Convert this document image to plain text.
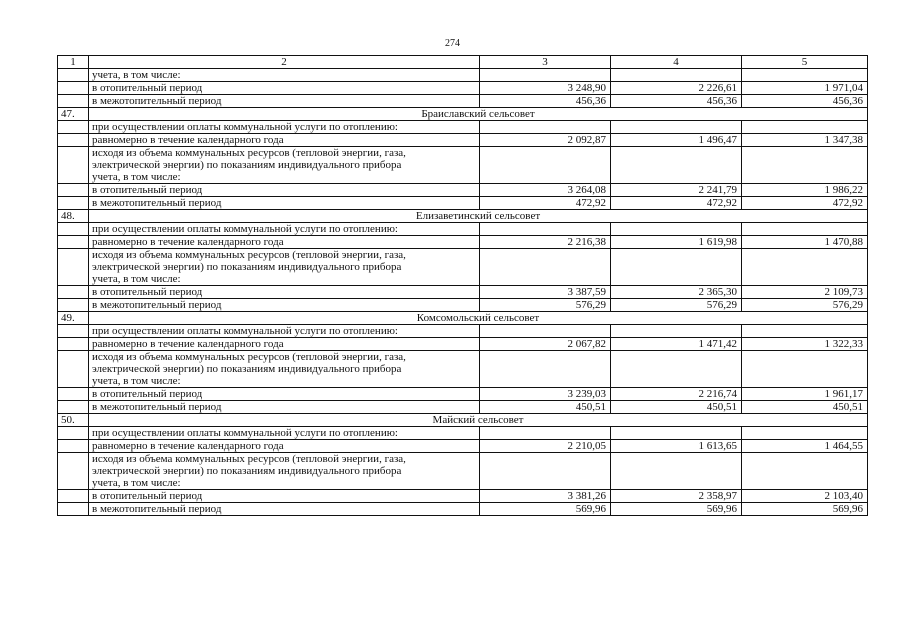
274
1	2	3	4	5
	учета, в том числе:			
	в отопительный период	3 248,90	2 226,61	1 971,04
	в межотопительный период	456,36	456,36	456,36
47.	Браиславский сельсовет			
	при осуществлении оплаты коммунальной услуги по отоплению:			
	равномерно в течение календарного года	2 092,87	1 496,47	1 347,38

	исходя из объема коммунальных ресурсов (тепловой энергии, газа,
электрической энергии) по показаниям индивидуального прибора
учета, в том числе:			

	в отопительный период	3 264,08	2 241,79	1 986,22
	в межотопительный период	472,92	472,92	472,92
48.	Елизаветинский сельсовет			
	при осуществлении оплаты коммунальной услуги по отоплению:			
	равномерно в течение календарного года	2 216,38	1 619,98	1 470,88

	исходя из объема коммунальных ресурсов (тепловой энергии, газа,
электрической энергии) по показаниям индивидуального прибора
учета, в том числе:			

	в отопительный период	3 387,59	2 365,30	2 109,73
	в межотопительный период	576,29	576,29	576,29
49.	Комсомольский сельсовет			
	при осуществлении оплаты коммунальной услуги по отоплению:			
	равномерно в течение календарного года	2 067,82	1 471,42	1 322,33

	исходя из объема коммунальных ресурсов (тепловой энергии, газа,
электрической энергии) по показаниям индивидуального прибора
учета, в том числе:			

	в отопительный период	3 239,03	2 216,74	1 961,17
	в межотопительный период	450,51	450,51	450,51
50.	Майский сельсовет			
	при осуществлении оплаты коммунальной услуги по отоплению:			
	равномерно в течение календарного года	2 210,05	1 613,65	1 464,55

	исходя из объема коммунальных ресурсов (тепловой энергии, газа,
электрической энергии) по показаниям индивидуального прибора
учета, в том числе:			

	в отопительный период	3 381,26	2 358,97	2 103,40
	в межотопительный период	569,96	569,96	569,96
